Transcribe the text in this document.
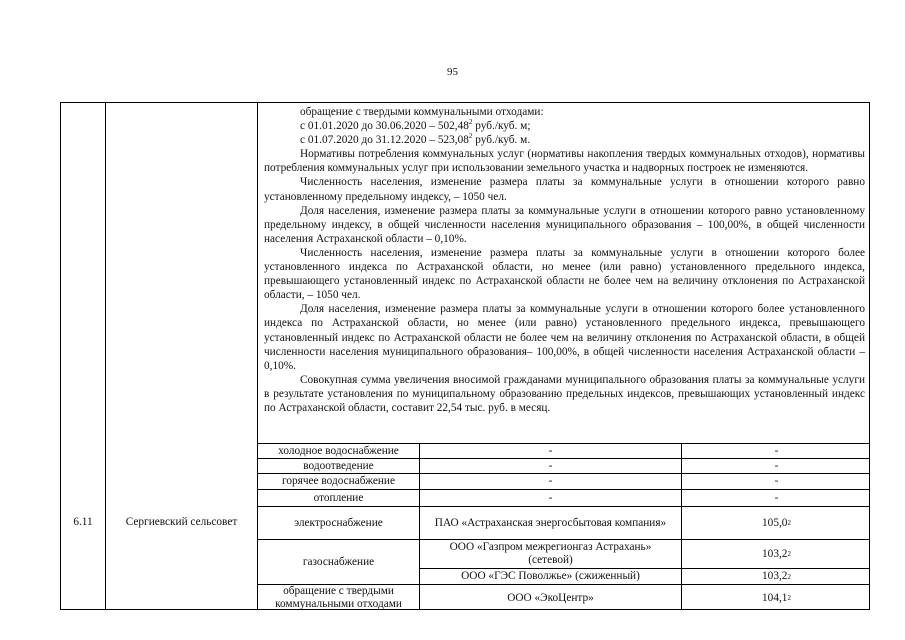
95

обращение с твердыми коммунальными отходами:

с 01.01.2020 до 30.06.2020 – 502,48$^2$ руб./куб. м;

с 01.07.2020 до 31.12.2020 – 523,08$^2$ руб./куб. м.

Нормативы потребления коммунальных услуг (нормативы накопления твердых коммунальных отходов), нормативы потребления коммунальных услуг при использовании земельного участка и надворных построек не изменяются.

Численность населения, изменение размера платы за коммунальные услуги в отношении которого равно установленному предельному индексу, – 1050 чел.

Доля населения, изменение размера платы за коммунальные услуги в отношении которого равно установленному предельному индексу, в общей численности населения муниципального образования – 100,00%, в общей численности населения Астраханской области – 0,10%.

Численность населения, изменение размера платы за коммунальные услуги в отношении которого более установленного индекса по Астраханской области, но менее (или равно) установленного предельного индекса, превышающего установленный индекс по Астраханской области не более чем на величину отклонения по Астраханской области, – 1050 чел.

Доля населения, изменение размера платы за коммунальные услуги в отношении которого более установленного индекса по Астраханской области, но менее (или равно) установленного предельного индекса, превышающего установленный индекс по Астраханской области не более чем на величину отклонения по Астраханской области, в общей численности населения муниципального образования– 100,00%, в общей численности населения Астраханской области – 0,10%.

Совокупная сумма увеличения вносимой гражданами муниципального образования платы за коммунальные услуги в результате установления по муниципальному образованию предельных индексов, превышающих установленный индекс по Астраханской области, составит 22,54 тыс. руб. в месяц.

6.11	Сергиевский сельсовет
холодное водоснабжение
водоотведение
горячее водоснабжение
отопление
электроснабжение
газоснабжение
обращение с твердыми коммунальными отходами
-
-
-
-
ПАО «Астраханская энергосбытовая компания»
ООО «Газпром межрегионгаз Астрахань» (сетевой)
ООО «ГЭС Поволжье» (сжиженный)
ООО «ЭкоЦентр»
-
-
-
-
105,0 2
103,2 2
103,2 2
104,1 2
